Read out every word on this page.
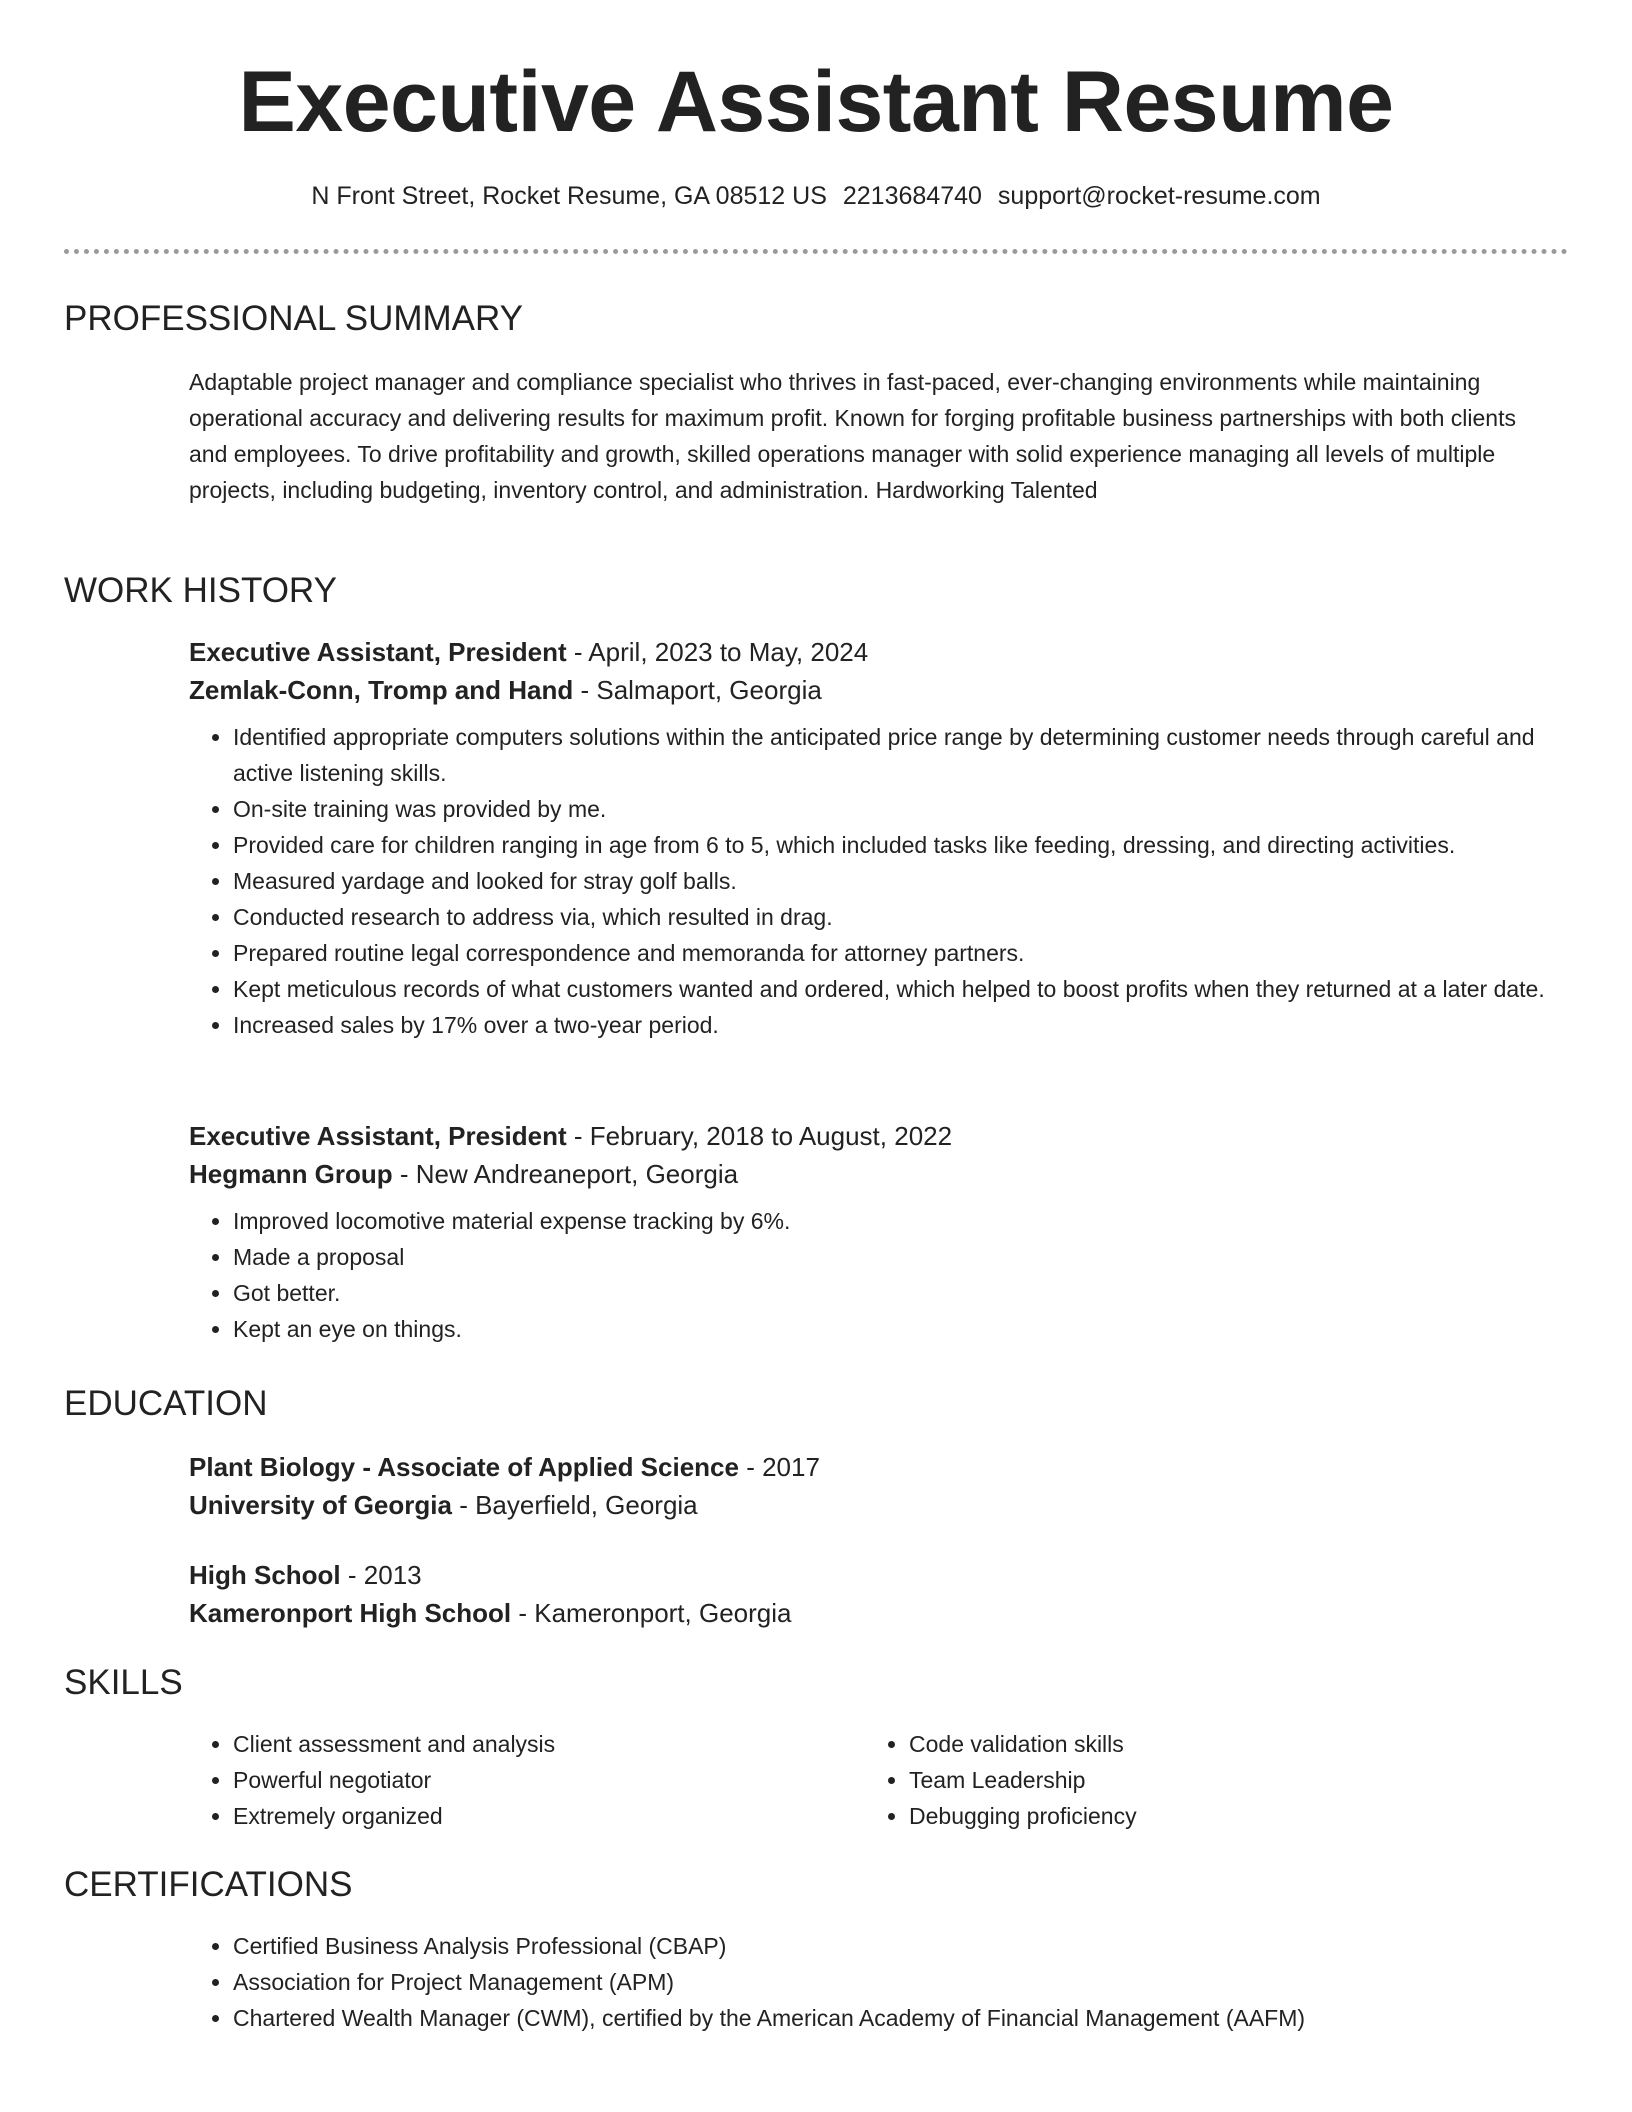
Executive Assistant Resume
N Front Street, Rocket Resume, GA 08512 US 2213684740 support@rocket-resume.com
PROFESSIONAL SUMMARY
Adaptable project manager and compliance specialist who thrives in fast-paced, ever-changing environments while maintaining operational accuracy and delivering results for maximum profit. Known for forging profitable business partnerships with both clients and employees. To drive profitability and growth, skilled operations manager with solid experience managing all levels of multiple projects, including budgeting, inventory control, and administration. Hardworking Talented
WORK HISTORY
Executive Assistant, President - April, 2023 to May, 2024
Zemlak-Conn, Tromp and Hand - Salmaport, Georgia
• Identified appropriate computers solutions within the anticipated price range by determining customer needs through careful and active listening skills.
• On-site training was provided by me.
• Provided care for children ranging in age from 6 to 5, which included tasks like feeding, dressing, and directing activities.
• Measured yardage and looked for stray golf balls.
• Conducted research to address via, which resulted in drag.
• Prepared routine legal correspondence and memoranda for attorney partners.
• Kept meticulous records of what customers wanted and ordered, which helped to boost profits when they returned at a later date.
• Increased sales by 17% over a two-year period.
Executive Assistant, President - February, 2018 to August, 2022
Hegmann Group - New Andreaneport, Georgia
• Improved locomotive material expense tracking by 6%.
• Made a proposal
• Got better.
• Kept an eye on things.
EDUCATION
Plant Biology - Associate of Applied Science - 2017
University of Georgia - Bayerfield, Georgia
High School - 2013
Kameronport High School - Kameronport, Georgia
SKILLS
• Client assessment and analysis
• Powerful negotiator
• Extremely organized
• Code validation skills
• Team Leadership
• Debugging proficiency
CERTIFICATIONS
• Certified Business Analysis Professional (CBAP)
• Association for Project Management (APM)
• Chartered Wealth Manager (CWM), certified by the American Academy of Financial Management (AAFM)
